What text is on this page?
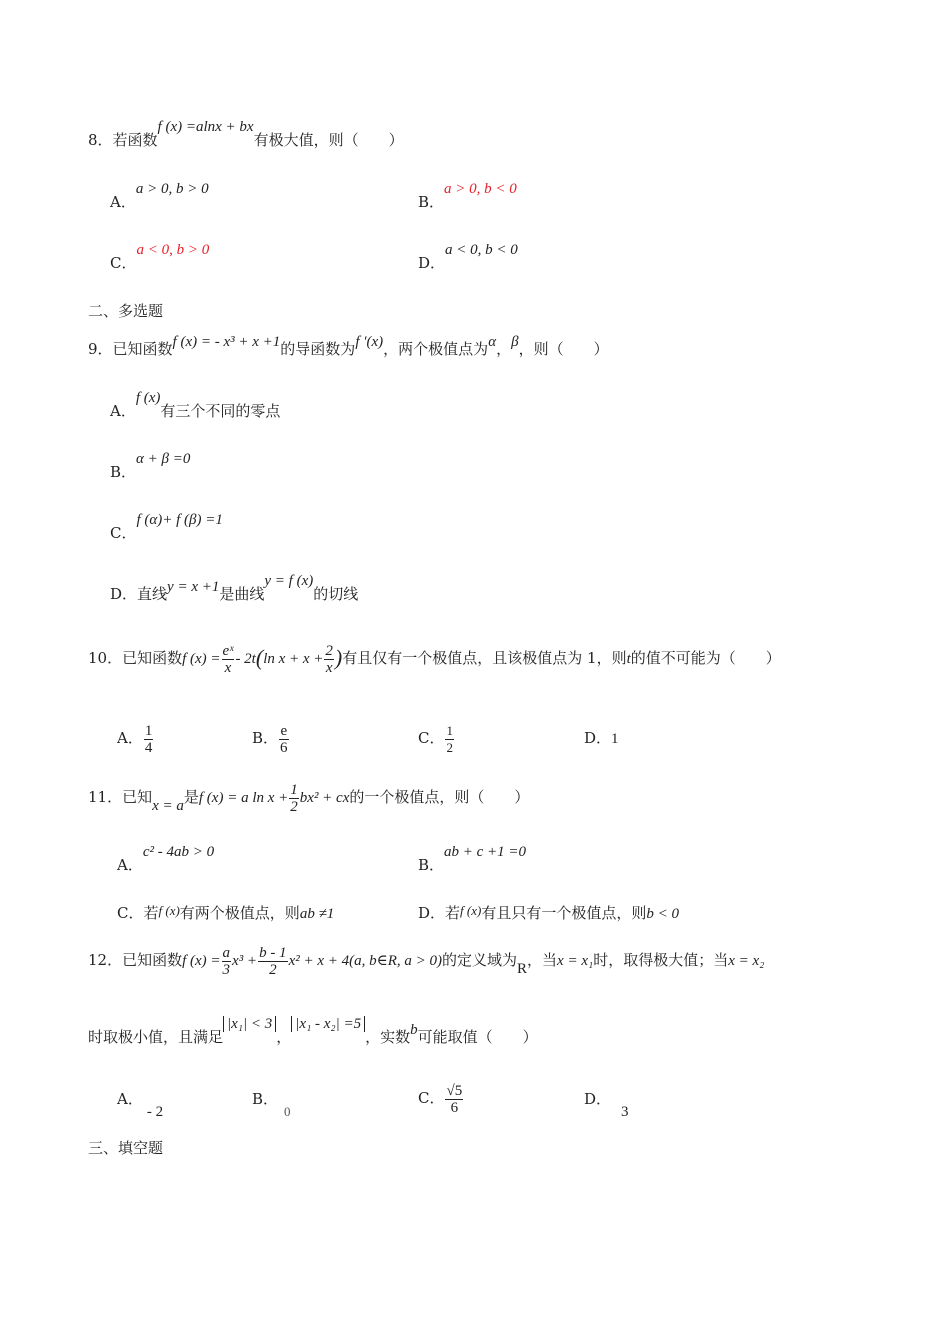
8．若函数f (x) =alnx + bx有极大值，则（　　）
A．a > 0, b > 0
B．a > 0, b < 0
C．a < 0, b > 0
D．a < 0, b < 0
二、多选题
9．已知函数f (x) = - x³ + x +1的导函数为f ′(x)，两个极值点为α，β，则（　　）
A．f (x)有三个不同的零点
B．α + β =0
C．f (α)+ f (β) =1
D．直线y = x +1是曲线y = f (x)的切线
10．已知函数f $(x) = \frac{\text{eˣ}}{x} - 2t(\ln$ $x + x + \frac{2}{x}$ )有且仅有一个极值点，且该极值点为 1，则t的值不可能为（　　）
A． $\frac{1}{4}$	B． $\frac{e}{6}$	C． $\frac{1}{2}$	D．1
11．已知x = a是f (x) = a $\ln x + \frac{1}{2} bx^2$ + cx的一个极值点，则（　　）
A．c² - 4ab > 0
B．ab + c +1 =0
C．若f (x)有两个极值点，则ab ≠1	D．若f (x)有且只有一个极值点，则b < 0
12．已知函数f $(x) = \frac{a}{3} x^3 + \frac{b - 1}{2} x^2 + x + 4(a$, b∈R, a > 0)的定义域为R，当x = x₁时，取得极大值；当x = x₂
时取极小值，且满足|x₁| < 3，|x₁ - x₂| =5，实数b可能取值（　　）
A．- 2
B．0
C． $\frac{√5}{6}$	D．3
三、填空题
